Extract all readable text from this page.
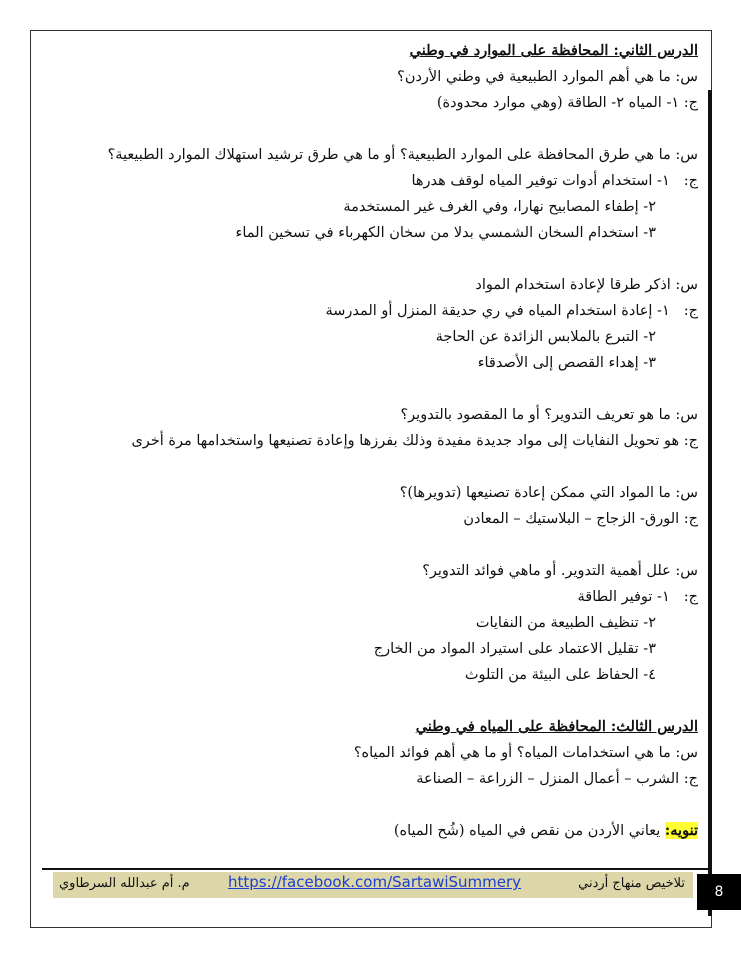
الدرس الثاني: المحافظة على الموارد في وطني
س: ما هي أهم الموارد الطبيعية في وطني الأردن؟
ج: ١- المياه ٢- الطاقة (وهي موارد محدودة)
س: ما هي طرق المحافظة على الموارد الطبيعية؟ أو ما هي طرق ترشيد استهلاك الموارد الطبيعية؟
ج:١- استخدام أدوات توفير المياه لوقف هدرها
٢- إطفاء المصابيح نهارا، وفي الغرف غير المستخدمة
٣- استخدام السخان الشمسي بدلا من سخان الكهرباء في تسخين الماء
س: اذكر طرقا لإعادة استخدام المواد
ج:١- إعادة استخدام المياه في ري حديقة المنزل أو المدرسة
٢- التبرع بالملابس الزائدة عن الحاجة
٣- إهداء القصص إلى الأصدقاء
س: ما هو تعريف التدوير؟ أو ما المقصود بالتدوير؟
ج: هو تحويل النفايات إلى مواد جديدة مفيدة وذلك بفرزها وإعادة تصنيعها واستخدامها مرة أخرى
س: ما المواد التي ممكن إعادة تصنيعها (تدويرها)؟
ج: الورق- الزجاج – البلاستيك – المعادن
س: علل أهمية التدوير. أو ماهي فوائد التدوير؟
ج:١- توفير الطاقة
٢- تنظيف الطبيعة من النفايات
٣- تقليل الاعتماد على استيراد المواد من الخارج
٤- الحفاظ على البيئة من التلوث
الدرس الثالث: المحافظة على المياه في وطني
س: ما هي استخدامات المياه؟ أو ما هي أهم فوائد المياه؟
ج: الشرب – أعمال المنزل – الزراعة – الصناعة
تنويه: يعاني الأردن من نقص في المياه (شُح المياه)
م. أم عبدالله السرطاوي	https://facebook.com/SartawiSummery	تلاخيص منهاج أردني
8
